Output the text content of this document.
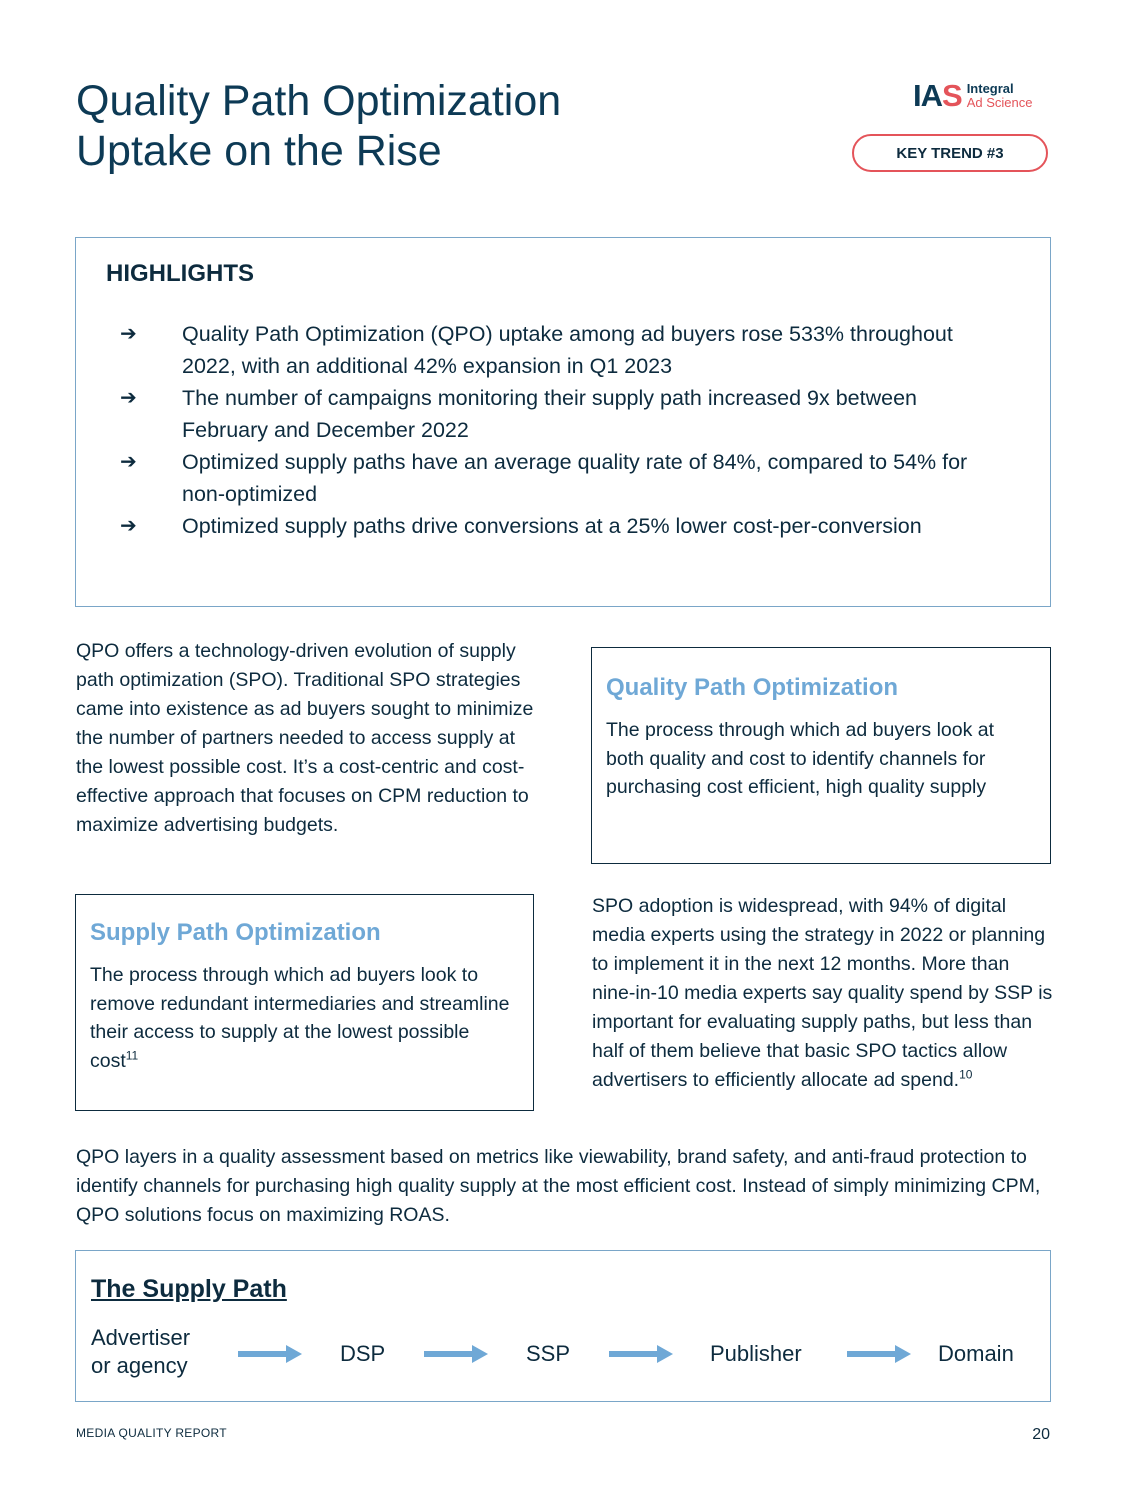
Quality Path Optimization
Uptake on the Rise
IAS Integral
Ad Science
KEY TREND #3
HIGHLIGHTS
➔	Quality Path Optimization (QPO) uptake among ad buyers rose 533% throughout 2022, with an additional 42% expansion in Q1 2023
➔	The number of campaigns monitoring their supply path increased 9x between February and December 2022
➔	Optimized supply paths have an average quality rate of 84%, compared to 54% for non-optimized
➔	Optimized supply paths drive conversions at a 25% lower cost-per-conversion

QPO offers a technology-driven evolution of supply path optimization (SPO). Traditional SPO strategies came into existence as ad buyers sought to minimize the number of partners needed to access supply at the lowest possible cost. It’s a cost-centric and cost-effective approach that focuses on CPM reduction to maximize advertising budgets.

Quality Path Optimization

The process through which ad buyers look at both quality and cost to identify channels for purchasing cost efficient, high quality supply

Supply Path Optimization

The process through which ad buyers look to remove redundant intermediaries and streamline their access to supply at the lowest possible cost$^{11}$

SPO adoption is widespread, with 94% of digital media experts using the strategy in 2022 or planning to implement it in the next 12 months. More than nine-in-10 media experts say quality spend by SSP is important for evaluating supply paths, but less than half of them believe that basic SPO tactics allow advertisers to efficiently allocate ad spend.$^{10}$

QPO layers in a quality assessment based on metrics like viewability, brand safety, and anti-fraud protection to identify channels for purchasing high quality supply at the most efficient cost. Instead of simply minimizing CPM, QPO solutions focus on maximizing ROAS.

The Supply Path

Advertiser
or agency	DSP	SSP	Publisher	Domain
MEDIA QUALITY REPORT	20
